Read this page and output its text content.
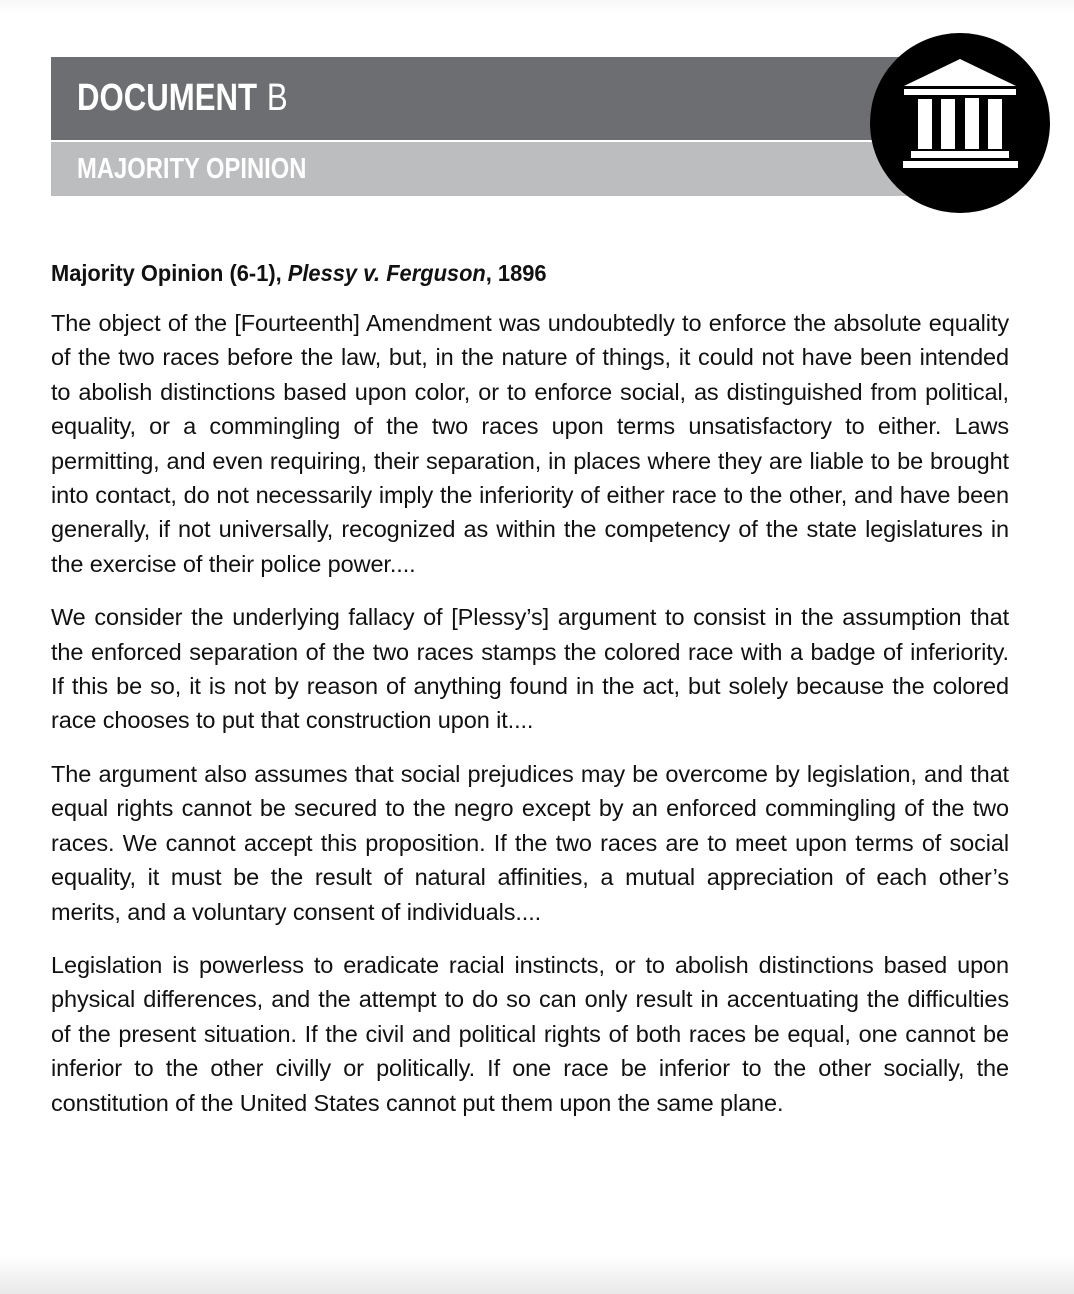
DOCUMENT B
MAJORITY OPINION
Majority Opinion (6-1), Plessy v. Ferguson, 1896

The object of the [Fourteenth] Amendment was undoubtedly to enforce the absolute equality of the two races before the law, but, in the nature of things, it could not have been intended to abolish distinctions based upon color, or to enforce social, as distinguished from political, equality, or a commingling of the two races upon terms unsatisfactory to either. Laws permitting, and even requiring, their separation, in places where they are liable to be brought into contact, do not necessarily imply the inferiority of either race to the other, and have been generally, if not universally, recognized as within the competency of the state legislatures in the exercise of their police power....

We consider the underlying fallacy of [Plessy’s] argument to consist in the assumption that the enforced separation of the two races stamps the colored race with a badge of inferiority. If this be so, it is not by reason of anything found in the act, but solely because the colored race chooses to put that construction upon it....

The argument also assumes that social prejudices may be overcome by legislation, and that equal rights cannot be secured to the negro except by an enforced commingling of the two races. We cannot accept this proposition. If the two races are to meet upon terms of social equality, it must be the result of natural affinities, a mutual appreciation of each other’s merits, and a voluntary consent of individuals....

Legislation is powerless to eradicate racial instincts, or to abolish distinctions based upon physical differences, and the attempt to do so can only result in accentuating the difficulties of the present situation. If the civil and political rights of both races be equal, one cannot be inferior to the other civilly or politically. If one race be inferior to the other socially, the constitution of the United States cannot put them upon the same plane.
